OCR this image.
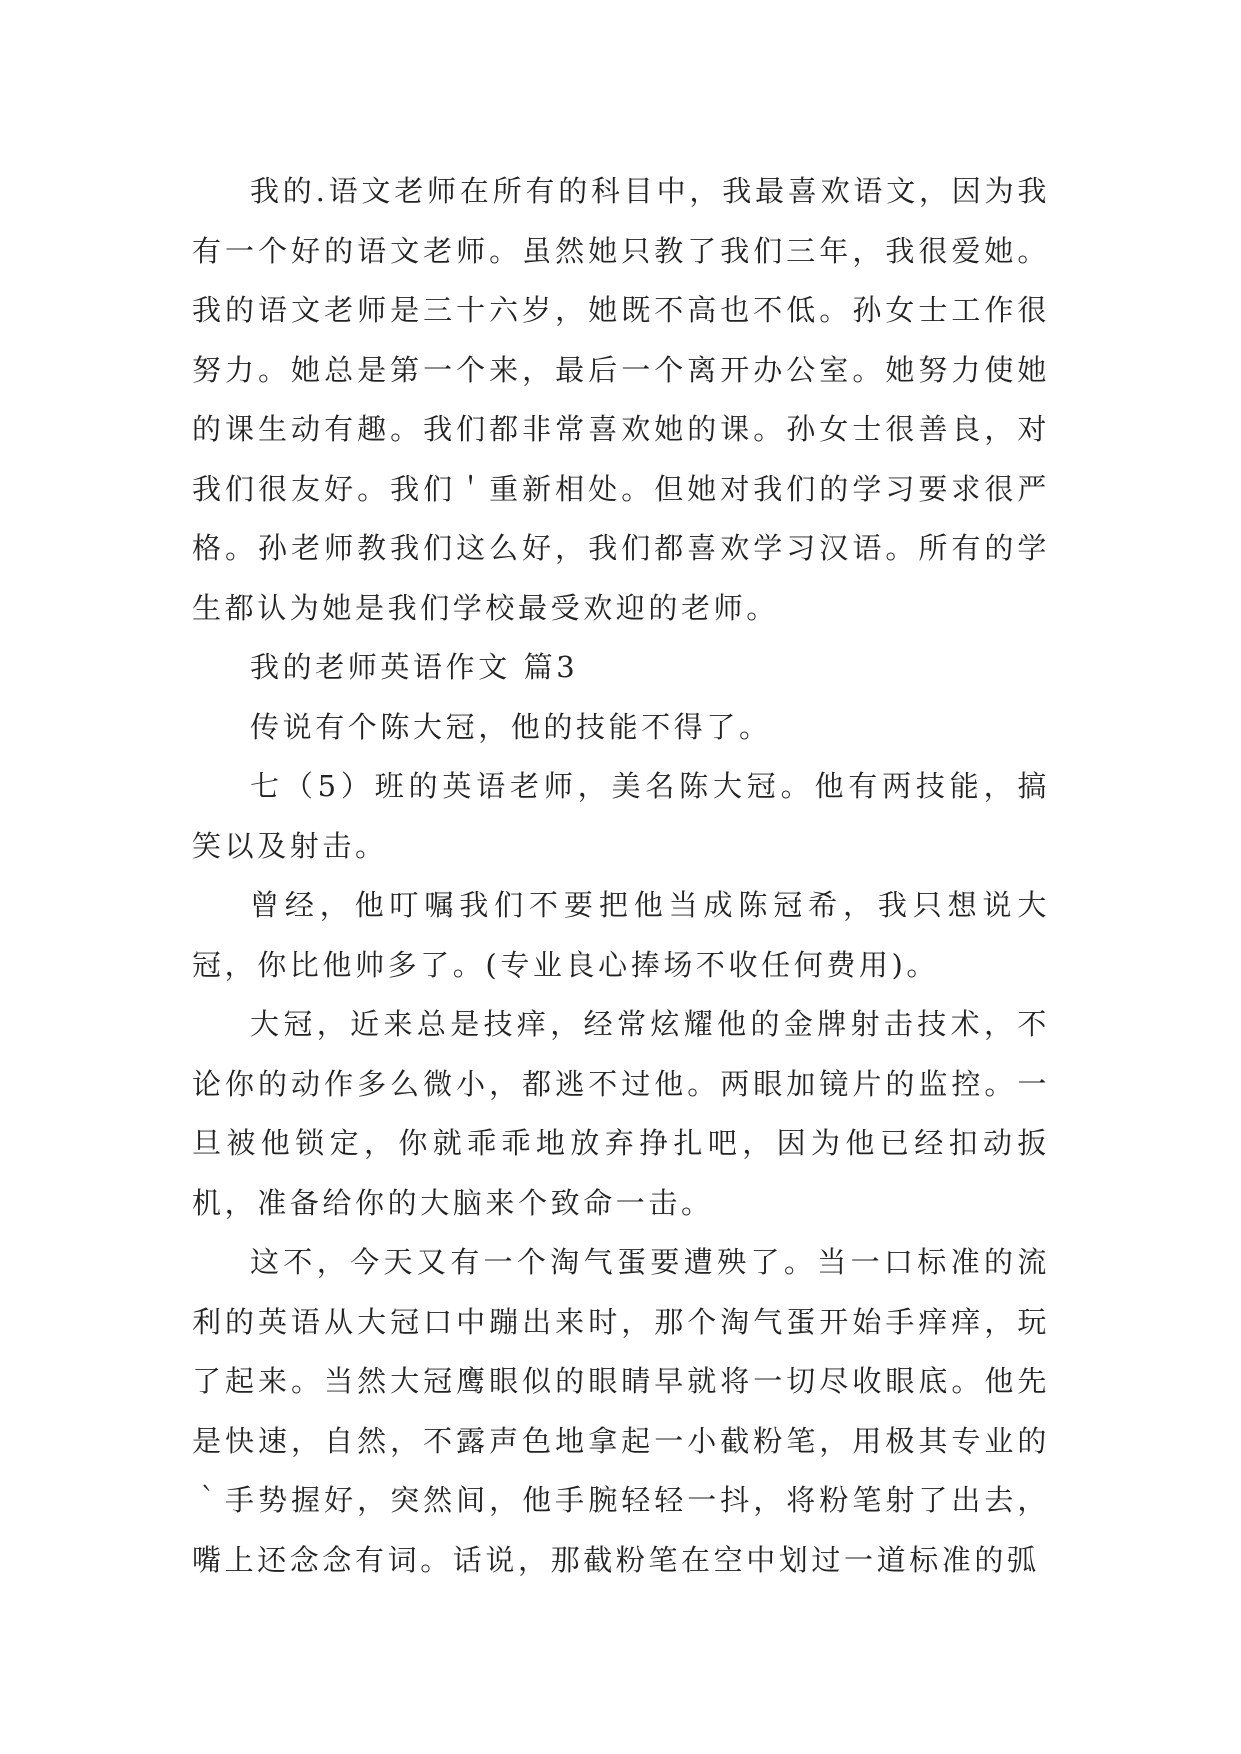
我的.语文老师在所有的科目中，我最喜欢语文，因为我有一个好的语文老师。虽然她只教了我们三年，我很爱她。我的语文老师是三十六岁，她既不高也不低。孙女士工作很努力。她总是第一个来，最后一个离开办公室。她努力使她的课生动有趣。我们都非常喜欢她的课。孙女士很善良，对我们很友好。我们＇重新相处。但她对我们的学习要求很严格。孙老师教我们这么好，我们都喜欢学习汉语。所有的学生都认为她是我们学校最受欢迎的老师。

我的老师英语作文 篇3

传说有个陈大冠，他的技能不得了。

七（5）班的英语老师，美名陈大冠。他有两技能，搞笑以及射击。

曾经，他叮嘱我们不要把他当成陈冠希，我只想说大冠，你比他帅多了。(专业良心捧场不收任何费用)。

大冠，近来总是技痒，经常炫耀他的金牌射击技术，不论你的动作多么微小，都逃不过他。两眼加镜片的监控。一旦被他锁定，你就乖乖地放弃挣扎吧，因为他已经扣动扳机，准备给你的大脑来个致命一击。

这不，今天又有一个淘气蛋要遭殃了。当一口标准的流利的英语从大冠口中蹦出来时，那个淘气蛋开始手痒痒，玩了起来。当然大冠鹰眼似的眼睛早就将一切尽收眼底。他先是快速，自然，不露声色地拿起一小截粉笔，用极其专业的｀手势握好，突然间，他手腕轻轻一抖，将粉笔射了出去，嘴上还念念有词。话说，那截粉笔在空中划过一道标准的弧
